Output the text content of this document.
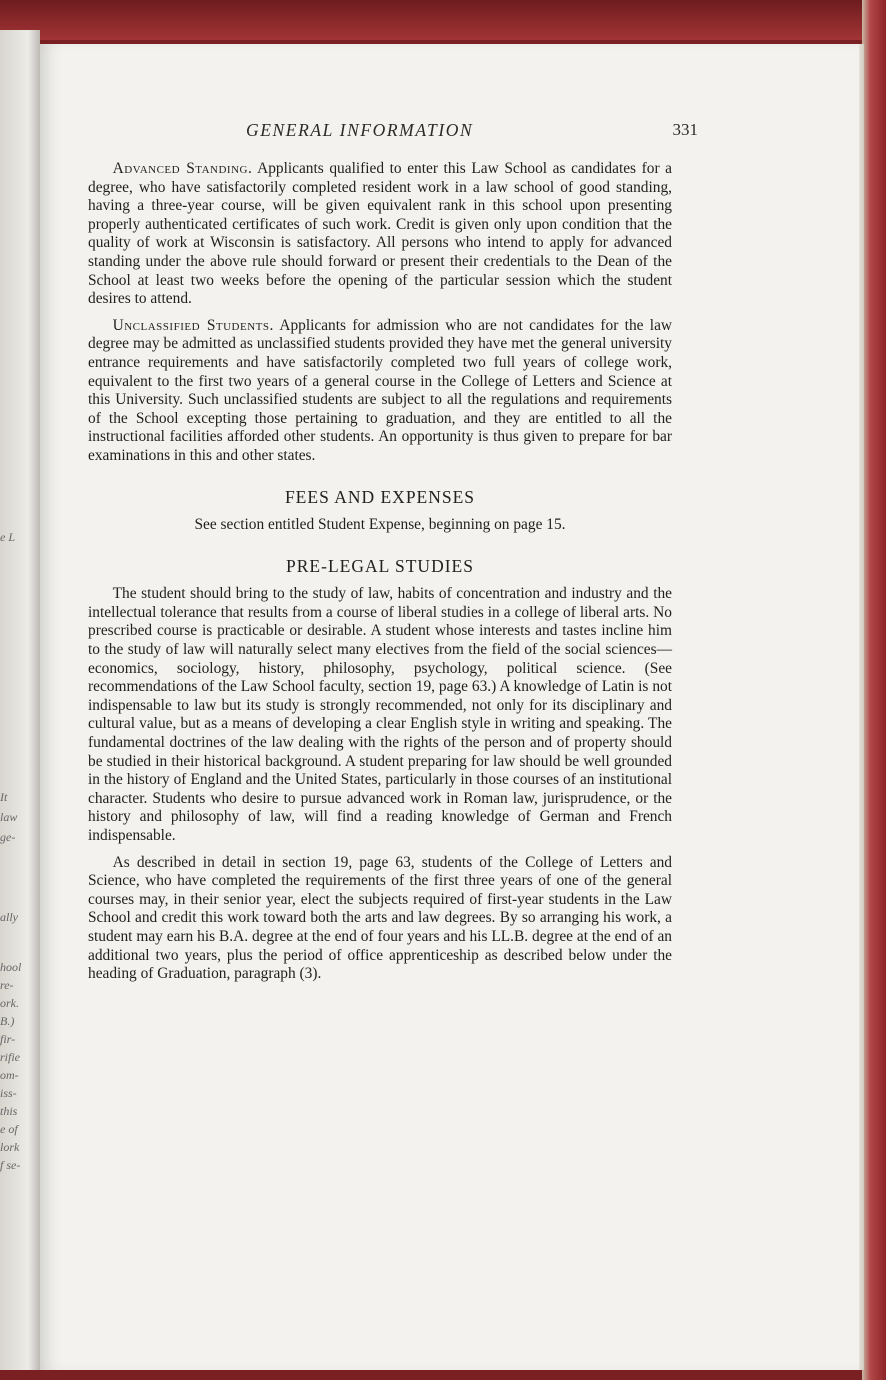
e L
It
law
ge-
ally
hool
re-
ork.
B.)
fir-
rifie
om-
iss-
this
e of
lork
f se-
GENERAL INFORMATION	331

Advanced Standing. Applicants qualified to enter this Law School as candidates for a degree, who have satisfactorily completed resident work in a law school of good standing, having a three-year course, will be given equivalent rank in this school upon presenting properly authenticated certificates of such work. Credit is given only upon condition that the quality of work at Wisconsin is satisfactory. All persons who intend to apply for advanced standing under the above rule should forward or present their credentials to the Dean of the School at least two weeks before the opening of the particular session which the student desires to attend.

Unclassified Students. Applicants for admission who are not candidates for the law degree may be admitted as unclassified students provided they have met the general university entrance requirements and have satisfactorily completed two full years of college work, equivalent to the first two years of a general course in the College of Letters and Science at this University. Such unclassified students are subject to all the regulations and requirements of the School excepting those pertaining to graduation, and they are entitled to all the instructional facilities afforded other students. An opportunity is thus given to prepare for bar examinations in this and other states.

FEES AND EXPENSES

See section entitled Student Expense, beginning on page 15.

PRE-LEGAL STUDIES

The student should bring to the study of law, habits of concentration and industry and the intellectual tolerance that results from a course of liberal studies in a college of liberal arts. No prescribed course is practicable or desirable. A student whose interests and tastes incline him to the study of law will naturally select many electives from the field of the social sciences—economics, sociology, history, philosophy, psychology, political science. (See recommendations of the Law School faculty, section 19, page 63.) A knowledge of Latin is not indispensable to law but its study is strongly recommended, not only for its disciplinary and cultural value, but as a means of developing a clear English style in writing and speaking. The fundamental doctrines of the law dealing with the rights of the person and of property should be studied in their historical background. A student preparing for law should be well grounded in the history of England and the United States, particularly in those courses of an institutional character. Students who desire to pursue advanced work in Roman law, jurisprudence, or the history and philosophy of law, will find a reading knowledge of German and French indispensable.

As described in detail in section 19, page 63, students of the College of Letters and Science, who have completed the requirements of the first three years of one of the general courses may, in their senior year, elect the subjects required of first-year students in the Law School and credit this work toward both the arts and law degrees. By so arranging his work, a student may earn his B.A. degree at the end of four years and his LL.B. degree at the end of an additional two years, plus the period of office apprenticeship as described below under the heading of Graduation, paragraph (3).
